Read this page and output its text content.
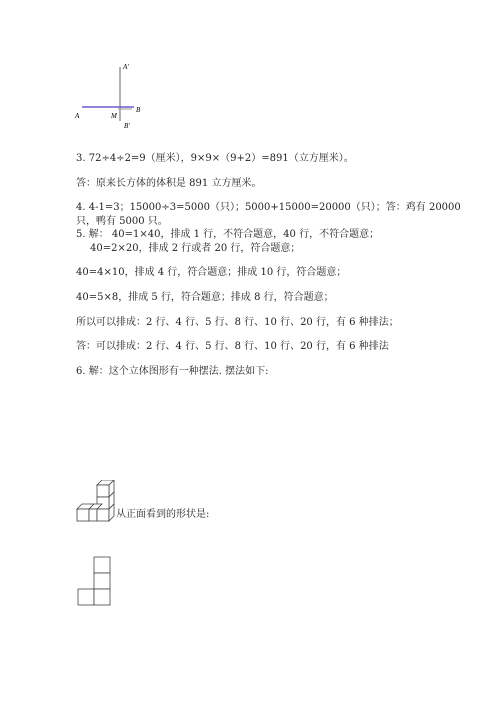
A'
A	M
B
B'
3. 72÷4÷2=9（厘米），9×9×（9+2）=891（立方厘米）。
答：原来长方体的体积是 891 立方厘米。
4. 4-1=3；15000÷3=5000（只）；5000+15000=20000（只）；答：鸡有 20000
只，鸭有 5000 只。
5. 解： 40=1×40，排成 1 行，不符合题意，40 行，不符合题意；
40=2×20，排成 2 行或者 20 行，符合题意；
40=4×10，排成 4 行，符合题意；排成 10 行，符合题意；
40=5×8，排成 5 行，符合题意；排成 8 行，符合题意；
所以可以排成：2 行、4 行、5 行、8 行、10 行、20 行，有 6 种排法；
答：可以排成：2 行、4 行、5 行、8 行、10 行、20 行，有 6 种排法
6. 解：这个立体图形有一种摆法. 摆法如下:
从正面看到的形状是:
